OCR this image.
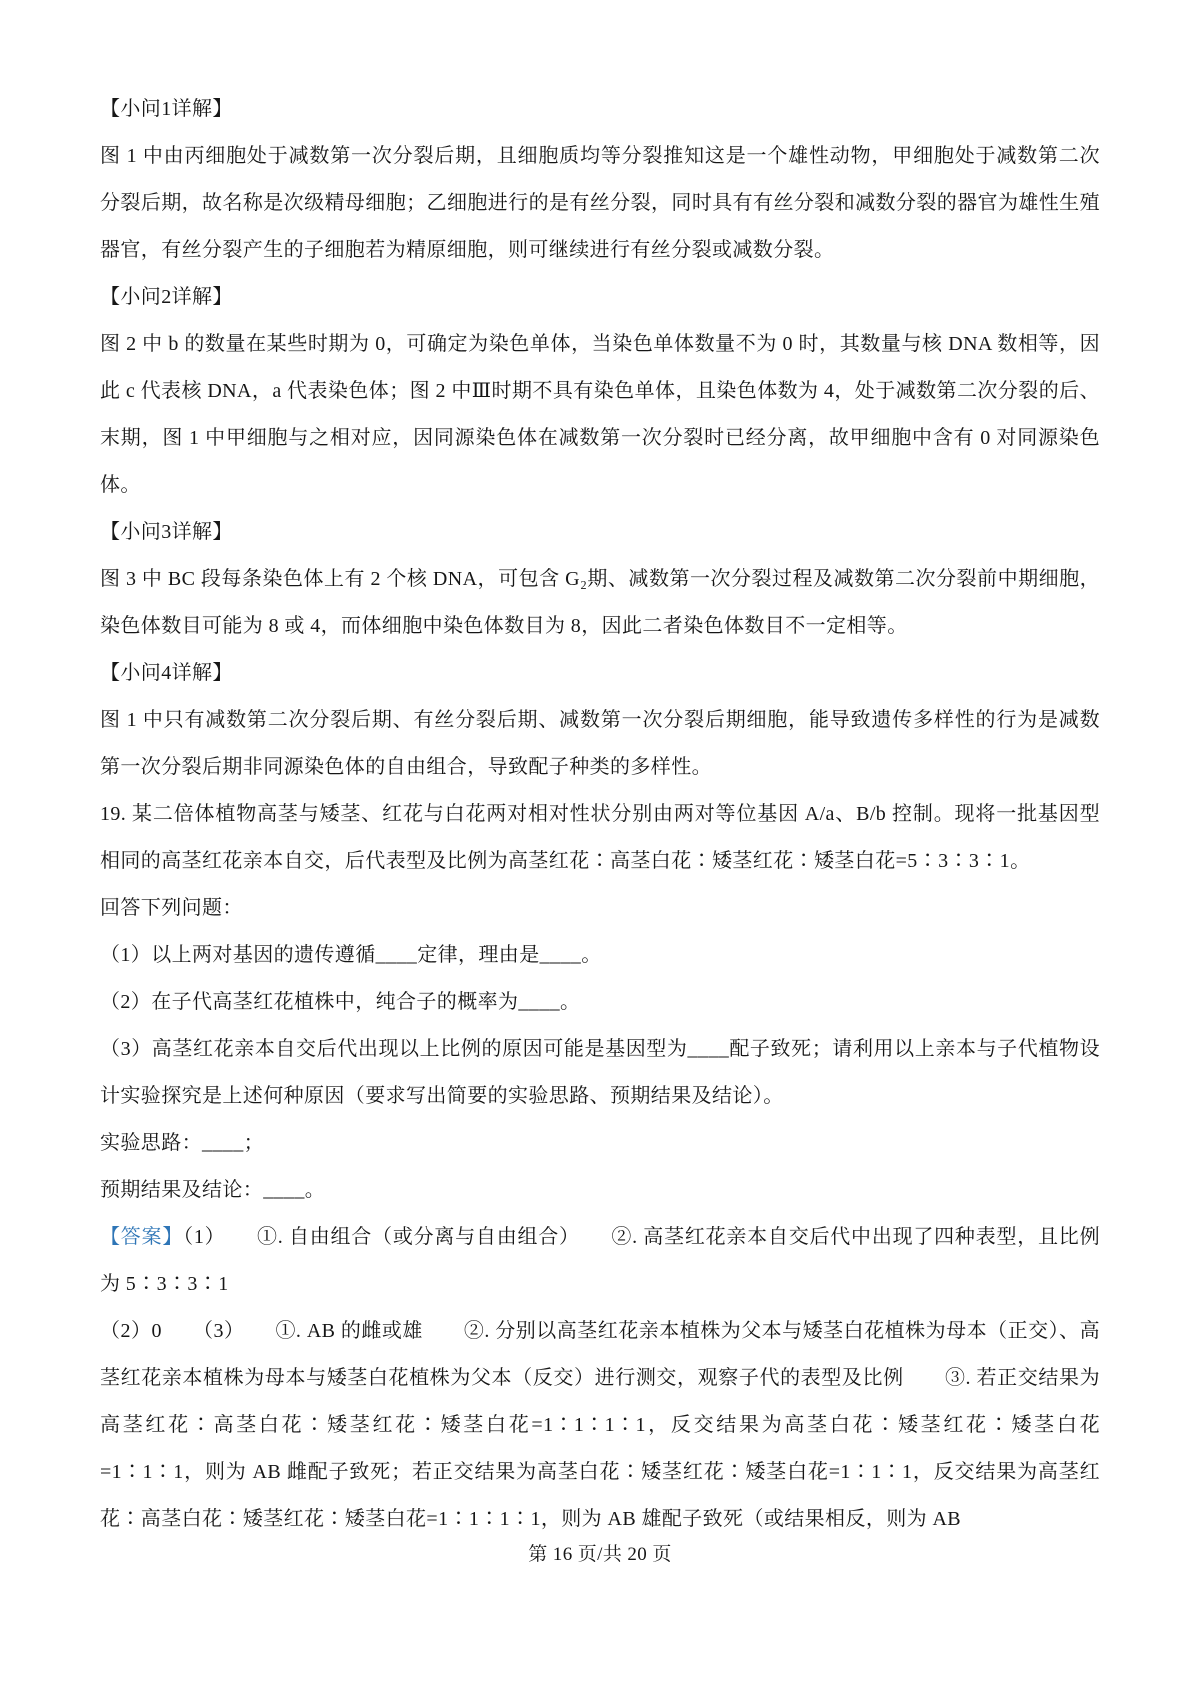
【小问1详解】

图 1 中由丙细胞处于减数第一次分裂后期，且细胞质均等分裂推知这是一个雄性动物，甲细胞处于减数第二次分裂后期，故名称是次级精母细胞；乙细胞进行的是有丝分裂，同时具有有丝分裂和减数分裂的器官为雄性生殖器官，有丝分裂产生的子细胞若为精原细胞，则可继续进行有丝分裂或减数分裂。

【小问2详解】

图 2 中 b 的数量在某些时期为 0，可确定为染色单体，当染色单体数量不为 0 时，其数量与核 DNA 数相等，因此 c 代表核 DNA，a 代表染色体；图 2 中Ⅲ时期不具有染色单体，且染色体数为 4，处于减数第二次分裂的后、末期，图 1 中甲细胞与之相对应，因同源染色体在减数第一次分裂时已经分离，故甲细胞中含有 0 对同源染色体。

【小问3详解】

图 3 中 BC 段每条染色体上有 2 个核 DNA，可包含 G₂期、减数第一次分裂过程及减数第二次分裂前中期细胞，染色体数目可能为 8 或 4，而体细胞中染色体数目为 8，因此二者染色体数目不一定相等。

【小问4详解】

图 1 中只有减数第二次分裂后期、有丝分裂后期、减数第一次分裂后期细胞，能导致遗传多样性的行为是减数第一次分裂后期非同源染色体的自由组合，导致配子种类的多样性。

19. 某二倍体植物高茎与矮茎、红花与白花两对相对性状分别由两对等位基因 A/a、B/b 控制。现将一批基因型相同的高茎红花亲本自交，后代表型及比例为高茎红花∶高茎白花∶矮茎红花∶矮茎白花=5∶3∶3∶1。

回答下列问题：

（1）以上两对基因的遗传遵循____定律，理由是____。

（2）在子代高茎红花植株中，纯合子的概率为____。

（3）高茎红花亲本自交后代出现以上比例的原因可能是基因型为____配子致死；请利用以上亲本与子代植物设计实验探究是上述何种原因（要求写出简要的实验思路、预期结果及结论）。

实验思路：____；

预期结果及结论：____。

【答案】（1）　　①. 自由组合（或分离与自由组合）　　②. 高茎红花亲本自交后代中出现了四种表型，且比例为 5∶3∶3∶1

（2）0　　（3）　　①. AB 的雌或雄　　②. 分别以高茎红花亲本植株为父本与矮茎白花植株为母本（正交）、高茎红花亲本植株为母本与矮茎白花植株为父本（反交）进行测交，观察子代的表型及比例　　③. 若正交结果为高茎红花∶高茎白花∶矮茎红花∶矮茎白花=1∶1∶1∶1，反交结果为高茎白花∶矮茎红花∶矮茎白花=1∶1∶1，则为 AB 雌配子致死；若正交结果为高茎白花∶矮茎红花∶矮茎白花=1∶1∶1，反交结果为高茎红花∶高茎白花∶矮茎红花∶矮茎白花=1∶1∶1∶1，则为 AB 雄配子致死（或结果相反，则为 AB

第 16 页/共 20 页
